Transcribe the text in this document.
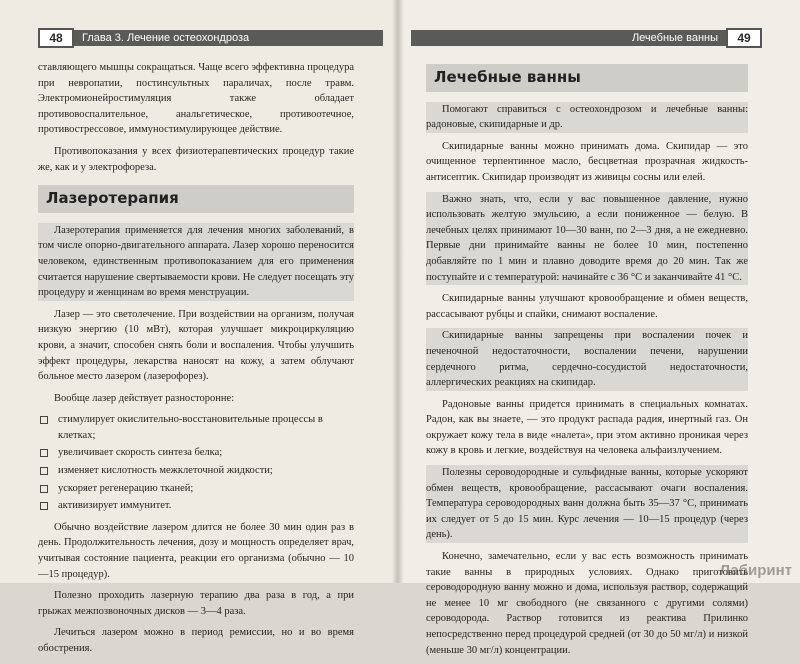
48	Глава 3. Лечение остеохондроза

ставляющего мышцы сокращаться. Чаще всего эффективна процедура при невропатии, постинсультных параличах, после травм. Электромионейростимуляция также обладает противовоспалительное, анальгетическое, противоотечное, противострессовое, иммуностимулирующее действие.

Противопоказания у всех физиотерапевтических процедур такие же, как и у электрофореза.

Лазеротерапия

Лазеротерапия применяется для лечения многих заболеваний, в том числе опорно-двигательного аппарата. Лазер хорошо переносится человеком, единственным противопоказанием для его применения считается нарушение свертываемости крови. Не следует посещать эту процедуру и женщинам во время менструации.

Лазер — это светолечение. При воздействии на организм, получая низкую энергию (10 мВт), которая улучшает микроциркуляцию крови, а значит, способен снять боли и воспаления. Чтобы улучшить эффект процедуры, лекарства наносят на кожу, а затем облучают больное место лазером (лазерофорез).

Вообще лазер действует разносторонне:

стимулирует окислительно-восстановительные процессы в клетках;
увеличивает скорость синтеза белка;
изменяет кислотность межклеточной жидкости;
ускоряет регенерацию тканей;
активизирует иммунитет.

Обычно воздействие лазером длится не более 30 мин один раз в день. Продолжительность лечения, дозу и мощность определяет врач, учитывая состояние пациента, реакции его организма (обычно — 10—15 процедур).

Полезно проходить лазерную терапию два раза в год, а при грыжах межпозвоночных дисков — 3—4 раза.

Лечиться лазером можно в период ремиссии, но и во время обострения.

Лечебные ванны	49
Лечебные ванны

Помогают справиться с остеохондрозом и лечебные ванны: радоновые, скипидарные и др.

Скипидарные ванны можно принимать дома. Скипидар — это очищенное терпентинное масло, бесцветная прозрачная жидкость-антисептик. Скипидар производят из живицы сосны или елей.

Важно знать, что, если у вас повышенное давление, нужно использовать желтую эмульсию, а если пониженное — белую. В лечебных целях принимают 10—30 ванн, по 2—3 дня, а не ежедневно. Первые дни принимайте ванны не более 10 мин, постепенно добавляйте по 1 мин и плавно доводите время до 20 мин. Так же поступайте и с температурой: начинайте с 36 °С и заканчивайте 41 °С.

Скипидарные ванны улучшают кровообращение и обмен веществ, рассасывают рубцы и спайки, снимают воспаление.

Скипидарные ванны запрещены при воспалении почек и печеночной недостаточности, воспалении печени, нарушении сердечного ритма, сердечно-сосудистой недостаточности, аллергических реакциях на скипидар.

Радоновые ванны придется принимать в специальных комнатах. Радон, как вы знаете, — это продукт распада радия, инертный газ. Он окружает кожу тела в виде «налета», при этом активно проникая через кожу в кровь и легкие, воздействуя на человека альфаизлучением.

Полезны сероводородные и сульфидные ванны, которые ускоряют обмен веществ, кровообращение, рассасывают очаги воспаления. Температура сероводородных ванн должна быть 35—37 °С, принимать их следует от 5 до 15 мин. Курс лечения — 10—15 процедур (через день).

Конечно, замечательно, если у вас есть возможность принимать такие ванны в природных условиях. Однако приготовить сероводородную ванну можно и дома, используя раствор, содержащий не менее 10 мг свободного (не связанного с другими солями) сероводорода. Раствор готовится из реактива Прилинко непосредственно перед процедурой средней (от 30 до 50 мг/л) и низкой (меньше 30 мг/л) концентрации.

Лабиринт
